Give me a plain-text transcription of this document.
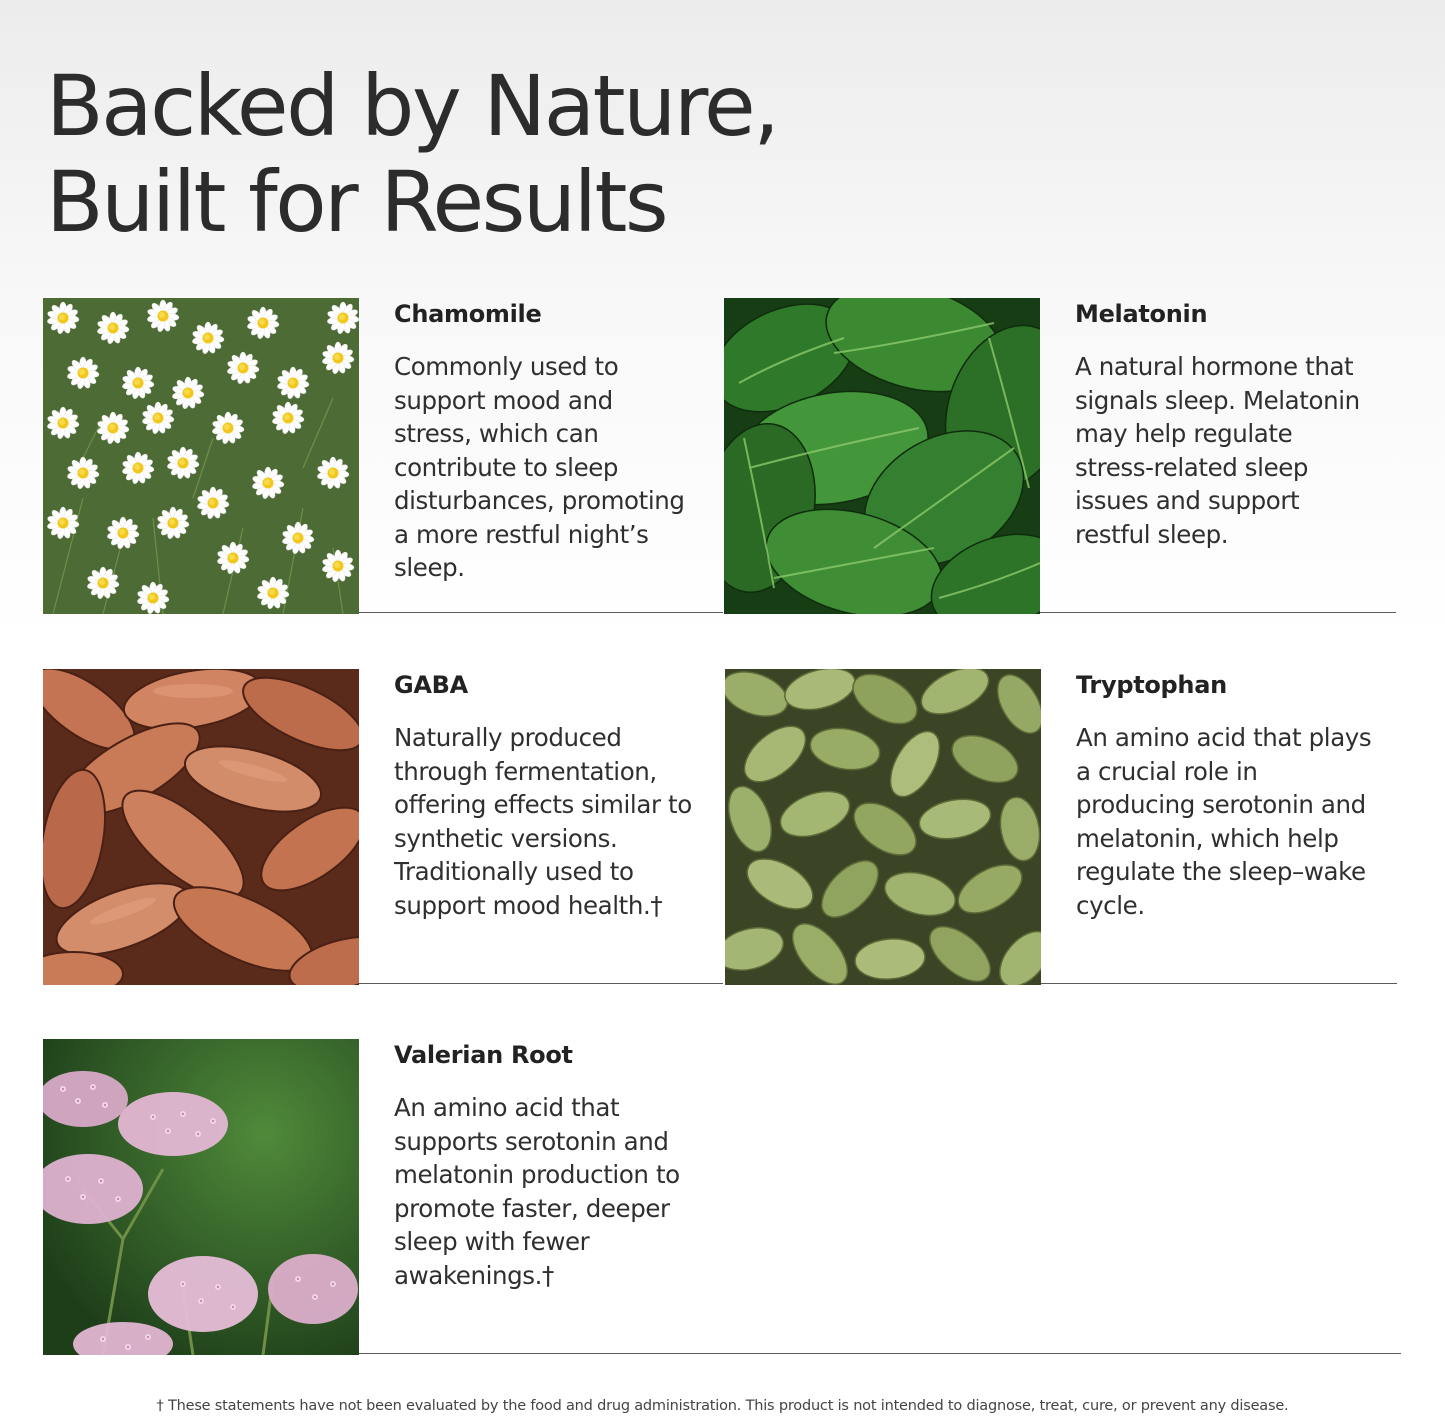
Backed by Nature,
Built for Results
Chamomile

Commonly used to support mood and stress, which can contribute to sleep disturbances, promoting a more restful night’s sleep.

Melatonin

A natural hormone that signals sleep. Melatonin may help regulate stress-related sleep issues and support restful sleep.

GABA

Naturally produced through fermentation, offering effects similar to synthetic versions. Traditionally used to support mood health.†

Tryptophan

An amino acid that plays a crucial role in producing serotonin and melatonin, which help regulate the sleep–wake cycle.

Valerian Root

An amino acid that supports serotonin and melatonin production to promote faster, deeper sleep with fewer awakenings.†

† These statements have not been evaluated by the food and drug administration. This product is not intended to diagnose, treat, cure, or prevent any disease.
